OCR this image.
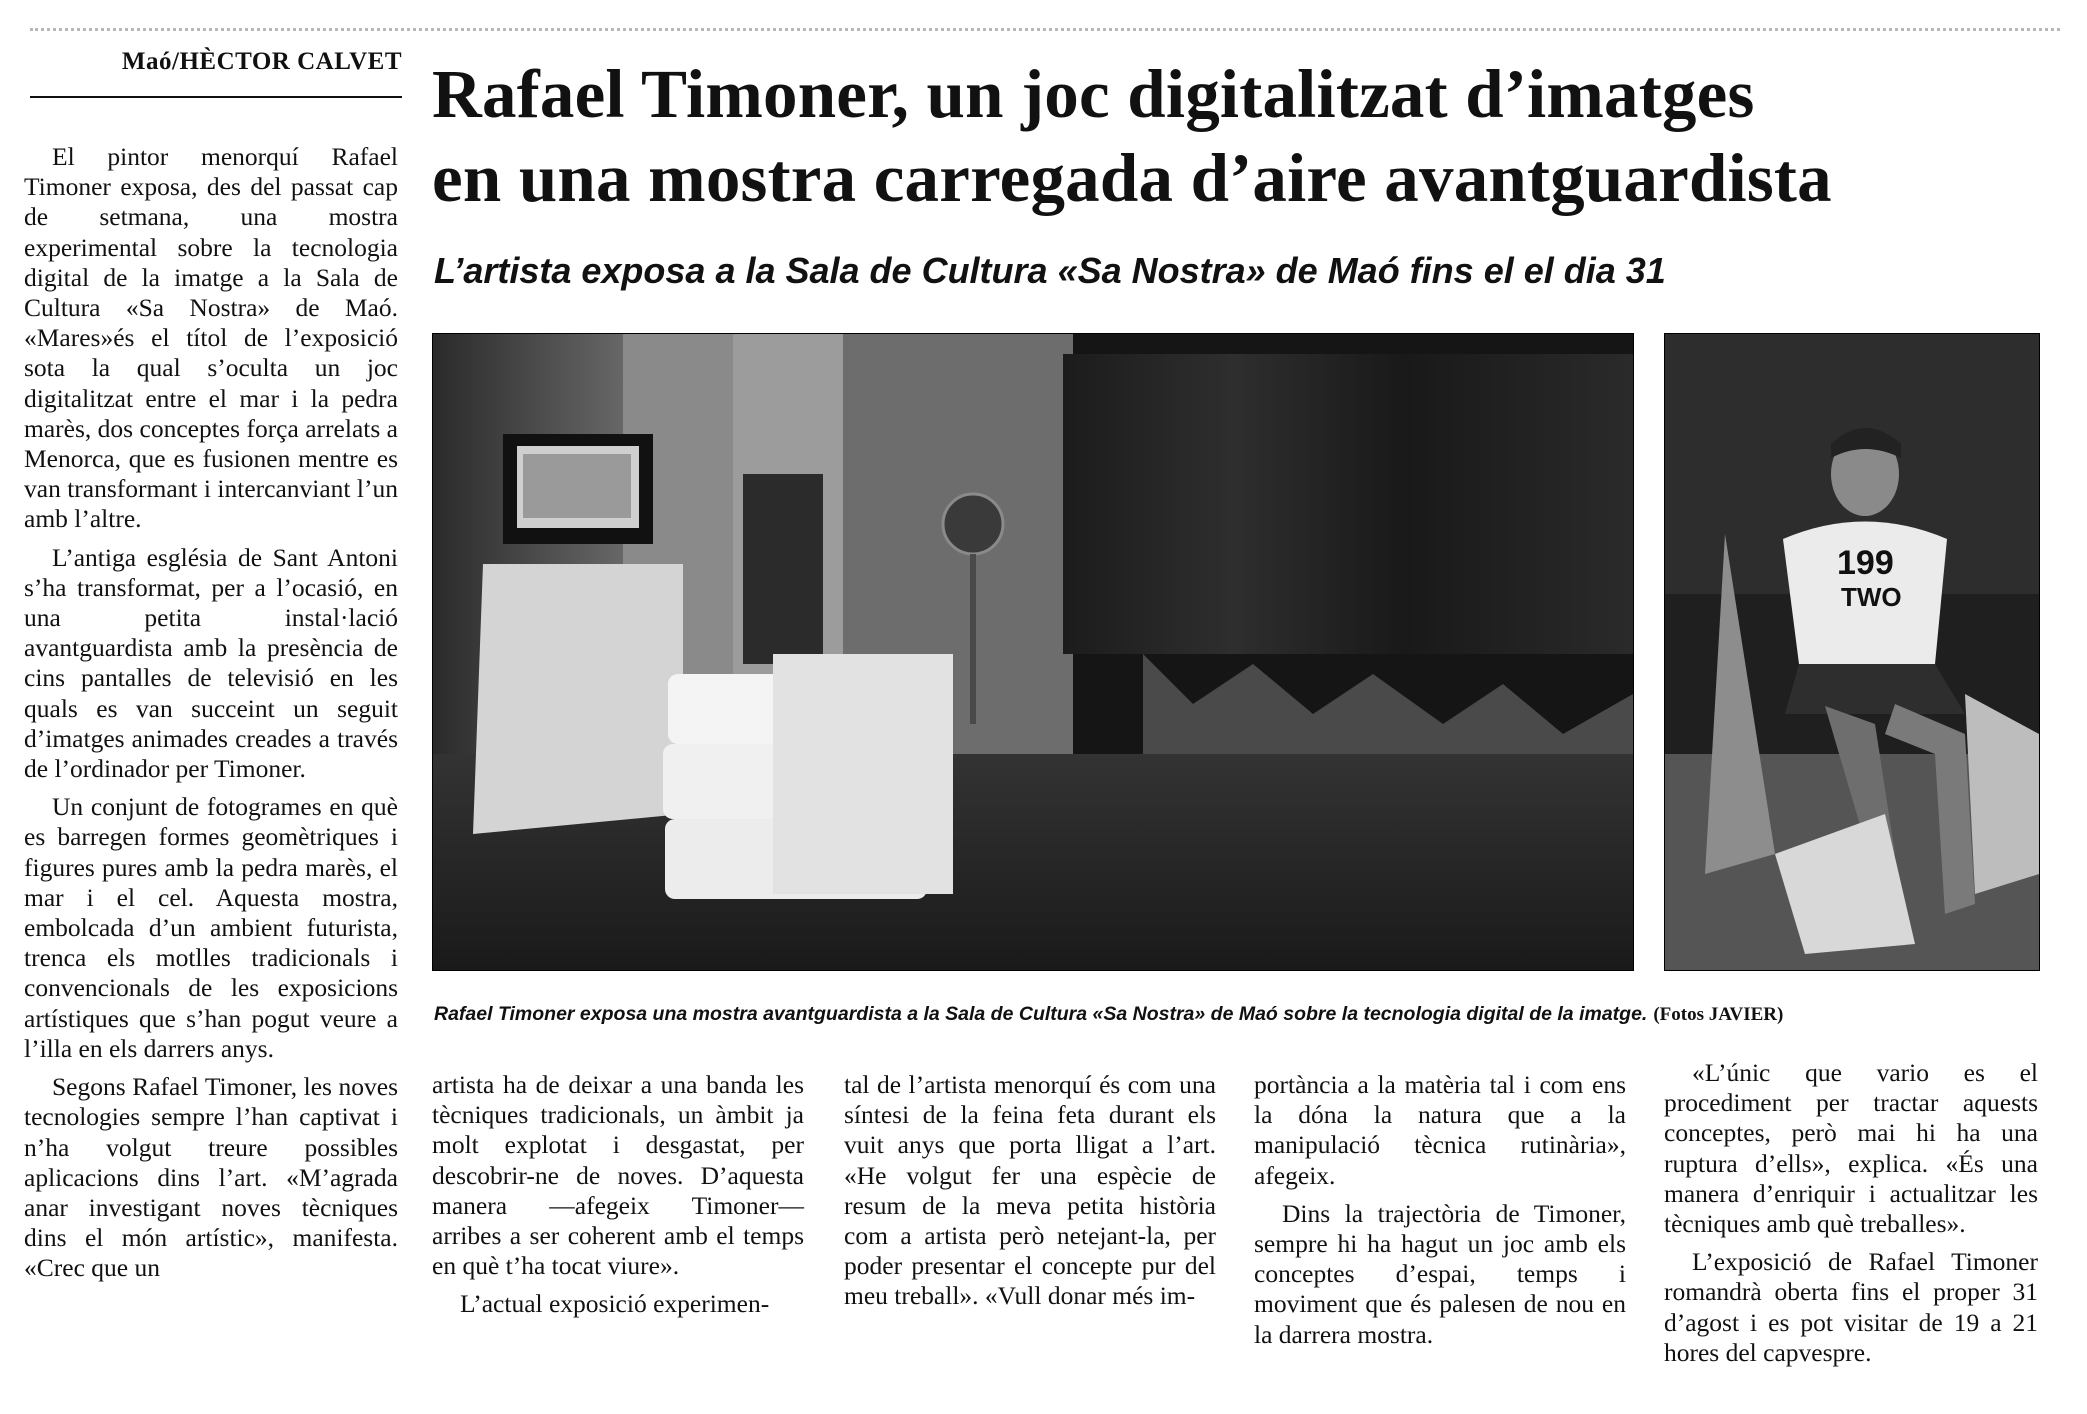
Maó/HÈCTOR CALVET Rafael Timoner, un joc digitalitzat d’imatges
en una mostra carregada d’aire avantguardista
L’artista exposa a la Sala de Cultura «Sa Nostra» de Maó fins el el dia 31

El pintor menorquí Rafael Timoner exposa, des del passat cap de setmana, una mostra experimental sobre la tecnologia digital de la imatge a la Sala de Cultura «Sa Nostra» de Maó. «Mares»és el títol de l’exposició sota la qual s’oculta un joc digitalitzat entre el mar i la pedra marès, dos conceptes força arrelats a Menorca, que es fusionen mentre es van transformant i intercanviant l’un amb l’altre.

L’antiga església de Sant Antoni s’ha transformat, per a l’ocasió, en una petita instal·lació avantguardista amb la presència de cins pantalles de televisió en les quals es van succeint un seguit d’imatges animades creades a través de l’ordinador per Timoner.

Un conjunt de fotogrames en què es barregen formes geomètriques i figures pures amb la pedra marès, el mar i el cel. Aquesta mostra, embolcada d’un ambient futurista, trenca els motlles tradicionals i convencionals de les exposicions artístiques que s’han pogut veure a l’illa en els darrers anys.

Segons Rafael Timoner, les noves tecnologies sempre l’han captivat i n’ha volgut treure possibles aplicacions dins l’art. «M’agrada anar investigant noves tècniques dins el món artístic», manifesta. «Crec que un

199
TWO
Rafael Timoner exposa una mostra avantguardista a la Sala de Cultura «Sa Nostra» de Maó sobre la tecnologia digital de la imatge. (Fotos JAVIER)

artista ha de deixar a una banda les tècniques tradicionals, un àmbit ja molt explotat i desgastat, per descobrir-ne de noves. D’aquesta manera —afegeix Timoner— arribes a ser coherent amb el temps en què t’ha tocat viure».

L’actual exposició experimen-

tal de l’artista menorquí és com una síntesi de la feina feta durant els vuit anys que porta lligat a l’art. «He volgut fer una espècie de resum de la meva petita història com a artista però netejant-la, per poder presentar el concepte pur del meu treball». «Vull donar més im-

portància a la matèria tal i com ens la dóna la natura que a la manipulació tècnica rutinària», afegeix.

Dins la trajectòria de Timoner, sempre hi ha hagut un joc amb els conceptes d’espai, temps i moviment que és palesen de nou en la darrera mostra.

«L’únic que vario es el procediment per tractar aquests conceptes, però mai hi ha una ruptura d’ells», explica. «És una manera d’enriquir i actualitzar les tècniques amb què treballes».

L’exposició de Rafael Timoner romandrà oberta fins el proper 31 d’agost i es pot visitar de 19 a 21 hores del capvespre.
